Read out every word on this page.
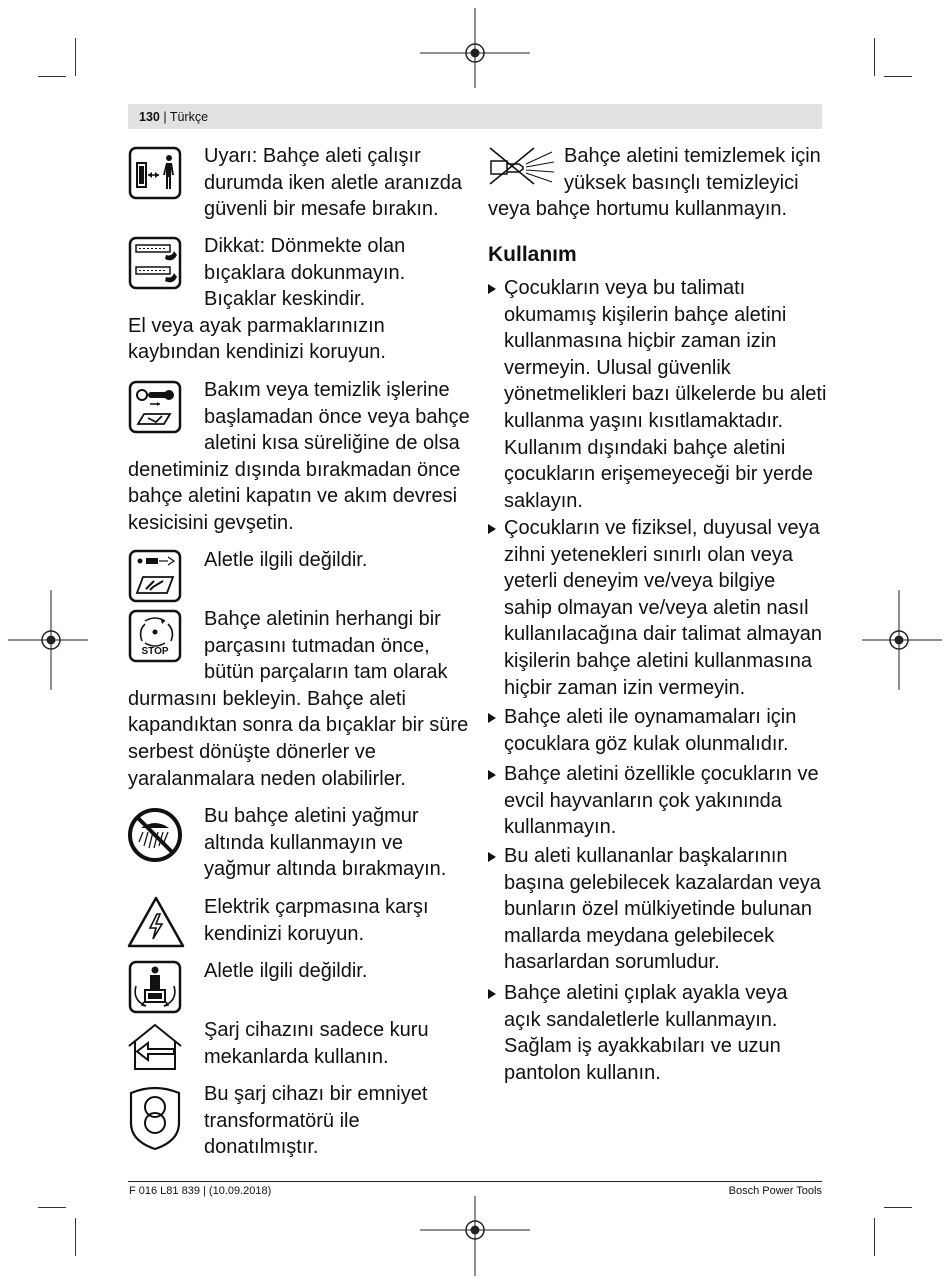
130 | Türkçe
Uyarı: Bahçe aleti çalışır durumda iken aletle aranızda güvenli bir mesafe bırakın.
Dikkat: Dönmekte olan bıçaklara dokunmayın. Bıçaklar keskindir.
El veya ayak parmaklarınızın kaybından kendinizi koruyun.
Bakım veya temizlik işlerine başlamadan önce veya bahçe aletini kısa süreliğine de olsa
denetiminiz dışında bırakmadan önce bahçe aletini kapatın ve akım devresi kesicisini gevşetin.
Aletle ilgili değildir.
STOP
Bahçe aletinin herhangi bir parçasını tutmadan önce, bütün parçaların tam olarak
durmasını bekleyin. Bahçe aleti kapandıktan sonra da bıçaklar bir süre serbest dönüşte dönerler ve yaralanmalara neden olabilirler.
Bu bahçe aletini yağmur altında kullanmayın ve yağmur altında bırakmayın.
Elektrik çarpmasına karşı kendinizi koruyun.
Aletle ilgili değildir.
Şarj cihazını sadece kuru mekanlarda kullanın.
Bu şarj cihazı bir emniyet transformatörü ile donatılmıştır.
Bahçe aletini temizlemek için yüksek basınçlı temizleyici
veya bahçe hortumu kullanmayın.
Kullanım
Çocukların veya bu talimatı okumamış kişilerin bahçe aletini kullanmasına hiçbir zaman izin vermeyin. Ulusal güvenlik yönetmelikleri bazı ülkelerde bu aleti kullanma yaşını kısıtlamaktadır. Kullanım dışındaki bahçe aletini çocukların erişemeyeceği bir yerde saklayın.
Çocukların ve fiziksel, duyusal veya zihni yetenekleri sınırlı olan veya yeterli deneyim ve/veya bilgiye sahip olmayan ve/veya aletin nasıl kullanılacağına dair talimat almayan kişilerin bahçe aletini kullanmasına hiçbir zaman izin vermeyin.
Bahçe aleti ile oynamamaları için çocuklara göz kulak olunmalıdır.
Bahçe aletini özellikle çocukların ve evcil hayvanların çok yakınında kullanmayın.
Bu aleti kullananlar başkalarının başına gelebilecek kazalardan veya bunların özel mülkiyetinde bulunan mallarda meydana gelebilecek hasarlardan sorumludur.
Bahçe aletini çıplak ayakla veya açık sandaletlerle kullanmayın. Sağlam iş ayakkabıları ve uzun pantolon kullanın.
F 016 L81 839 | (10.09.2018)	Bosch Power Tools
